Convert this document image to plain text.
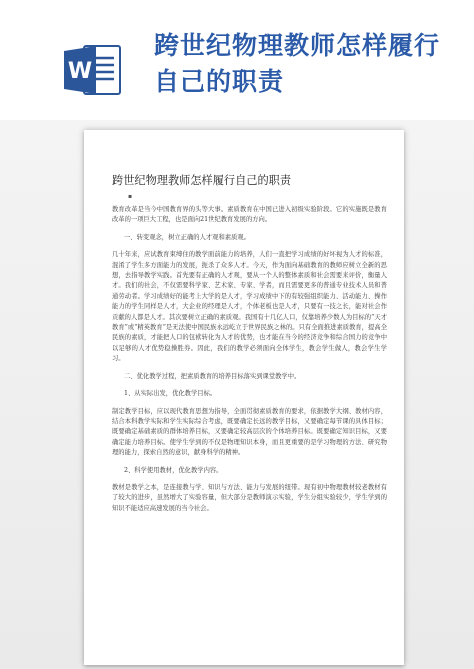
W
跨世纪物理教师怎样履行自己的职责
跨世纪物理教师怎样履行自己的职责
▪

教育改革是当今中国教育界的头等大事。素质教育在中国已进入初级实验阶段。它的实施既是教育改革的一项巨大工程，也是面向21世纪教育发展的方向。

一、转变观念，树立正确的人才观和素质观。

几十年来，应试教育束缚住的教学面前能力的培养，人们一直把学习成绩的好坏视为人才的标准，混淆了学生多方面能力的发展，扼杀了众多人才。今天，作为面向基础教育的教师应树立全新的思想，去指导教学实践。首先要有正确的人才观，要从一个人的整体素质和社会需要来评价，衡量人才。我们的社会，不仅需要科学家、艺术家、专家、学者，而且需要更多的普通专业技术人员和普通劳动者。学习成绩好的能考上大学的是人才，学习成绩中下的有较强组织能力、活动能力、操作能力的学生同样是人才，大企业的经理是人才，个体老板也是人才，只要有一技之长，能对社会作贡献的人都是人才。其次要树立正确的素质观。我国有十几亿人口，仅靠培养少数人为目标的“天才教育”或“精英教育”是无法使中国民族永远屹立于世界民族之林的。只有全面推进素质教育，提高全民族的素质，才能把人口的包袱转化为人才的优势，也才能在当今的经济竞争和综合国力的竞争中以足够的人才优势稳操胜券。因此，我们的教学必须面向全体学生，教会学生做人，教会学生学习。

二、优化教学过程，把素质教育的培养目标落实到课堂教学中。

1、从实际出发，优化教学目标。

制定教学目标，应以现代教育思想为指导，全面贯彻素质教育的要求，依据教学大纲、教材内容，结合本科教学实际和学生实际综合考虑，既要确定长远的教学目标，又要确定每节课的具体目标；既要确定基础素质的群体培养目标，又要确定较高层次的个体培养目标。既要确定知识目标，又要确定能力培养目标。使学生学到的不仅是物理知识本身，而且更重要的是学习物理的方法、研究物理的能力，探索自然的意识，献身科学的精神。

2、科学使用教材，优化教学内容。

教材是教学之本，是连接教与学、知识与方法、能力与发展的纽带。现有初中物理教材较老教材有了较大的进步，虽然增大了实验容量，但大部分是教师演示实验，学生分组实验较少，学生学到的知识不能适应高速发展的当今社会。
